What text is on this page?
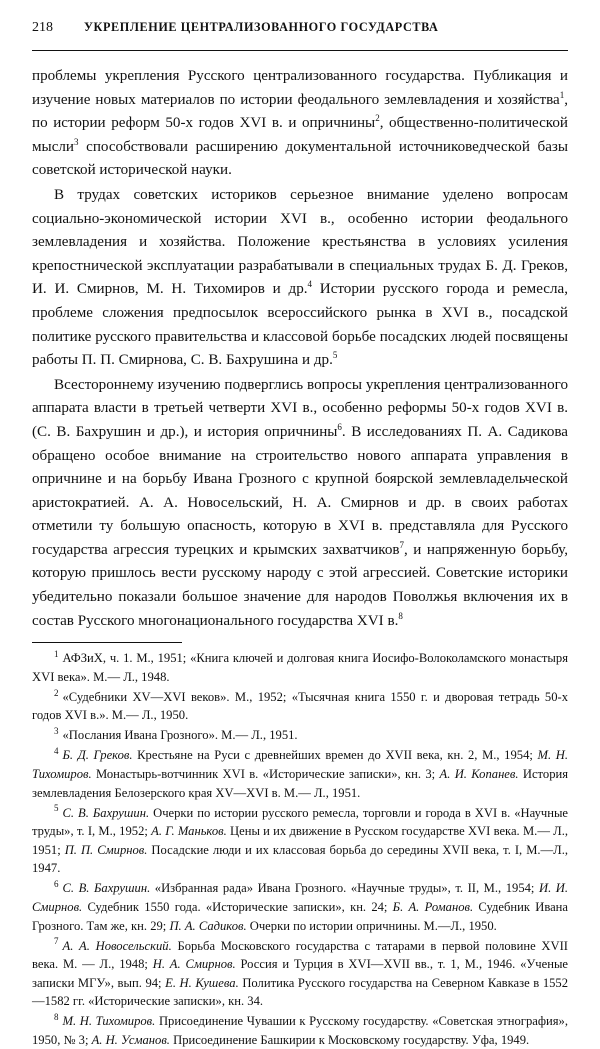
218	УКРЕПЛЕНИЕ ЦЕНТРАЛИЗОВАННОГО ГОСУДАРСТВА

проблемы укрепления Русского централизованного государства. Публикация и изучение новых материалов по истории феодального землевладения и хозяйства$^1$, по истории реформ 50-х годов XVI в. и опричнины$^2$, общественно-политической мысли$^3$ способствовали расширению документальной источниковедческой базы советской исторической науки.

В трудах советских историков серьезное внимание уделено вопросам социально-экономической истории XVI в., особенно истории феодального землевладения и хозяйства. Положение крестьянства в условиях усиления крепостнической эксплуатации разрабатывали в специальных трудах Б. Д. Греков, И. И. Смирнов, М. Н. Тихомиров и др.$^4$ Истории русского города и ремесла, проблеме сложения предпосылок всероссийского рынка в XVI в., посадской политике русского правительства и классовой борьбе посадских людей посвящены работы П. П. Смирнова, С. В. Бахрушина и др.$^5$

Всестороннему изучению подверглись вопросы укрепления централизованного аппарата власти в третьей четверти XVI в., особенно реформы 50-х годов XVI в. (С. В. Бахрушин и др.), и история опричнины$^6$. В исследованиях П. А. Садикова обращено особое внимание на строительство нового аппарата управления в опричнине и на борьбу Ивана Грозного с крупной боярской землевладельческой аристократией. А. А. Новосельский, Н. А. Смирнов и др. в своих работах отметили ту большую опасность, которую в XVI в. представляла для Русского государства агрессия турецких и крымских захватчиков$^7$, и напряженную борьбу, которую пришлось вести русскому народу с этой агрессией. Советские историки убедительно показали большое значение для народов Поволжья включения их в состав Русского многонационального государства XVI в.$^8$

$^1$ АФЗиХ, ч. 1. М., 1951; «Книга ключей и долговая книга Иосифо-Волоколамского монастыря XVI века». М.— Л., 1948.

$^2$ «Судебники XV—XVI веков». М., 1952; «Тысячная книга 1550 г. и дворовая тетрадь 50-х годов XVI в.». М.— Л., 1950.

$^3$ «Послания Ивана Грозного». М.— Л., 1951.

$^4$ Б. Д. Греков. Крестьяне на Руси с древнейших времен до XVII века, кн. 2, М., 1954; М. Н. Тихомиров. Монастырь-вотчинник XVI в. «Исторические записки», кн. 3; А. И. Копанев. История землевладения Белозерского края XV—XVI в. М.— Л., 1951.

$^5$ С. В. Бахрушин. Очерки по истории русского ремесла, торговли и города в XVI в. «Научные труды», т. I, М., 1952; А. Г. Маньков. Цены и их движение в Русском государстве XVI века. М.— Л., 1951; П. П. Смирнов. Посадские люди и их классовая борьба до середины XVII века, т. I, М.—Л., 1947.

$^6$ С. В. Бахрушин. «Избранная рада» Ивана Грозного. «Научные труды», т. II, М., 1954; И. И. Смирнов. Судебник 1550 года. «Исторические записки», кн. 24; Б. А. Романов. Судебник Ивана Грозного. Там же, кн. 29; П. А. Садиков. Очерки по истории опричнины. М.—Л., 1950.

$^7$ А. А. Новосельский. Борьба Московского государства с татарами в первой половине XVII века. М. — Л., 1948; Н. А. Смирнов. Россия и Турция в XVI—XVII вв., т. 1, М., 1946. «Ученые записки МГУ», вып. 94; Е. Н. Кушева. Политика Русского государства на Северном Кавказе в 1552—1582 гг. «Исторические записки», кн. 34.

$^8$ М. Н. Тихомиров. Присоединение Чувашии к Русскому государству. «Советская этнография», 1950, № 3; А. Н. Усманов. Присоединение Башкирии к Московскому государству. Уфа, 1949.
